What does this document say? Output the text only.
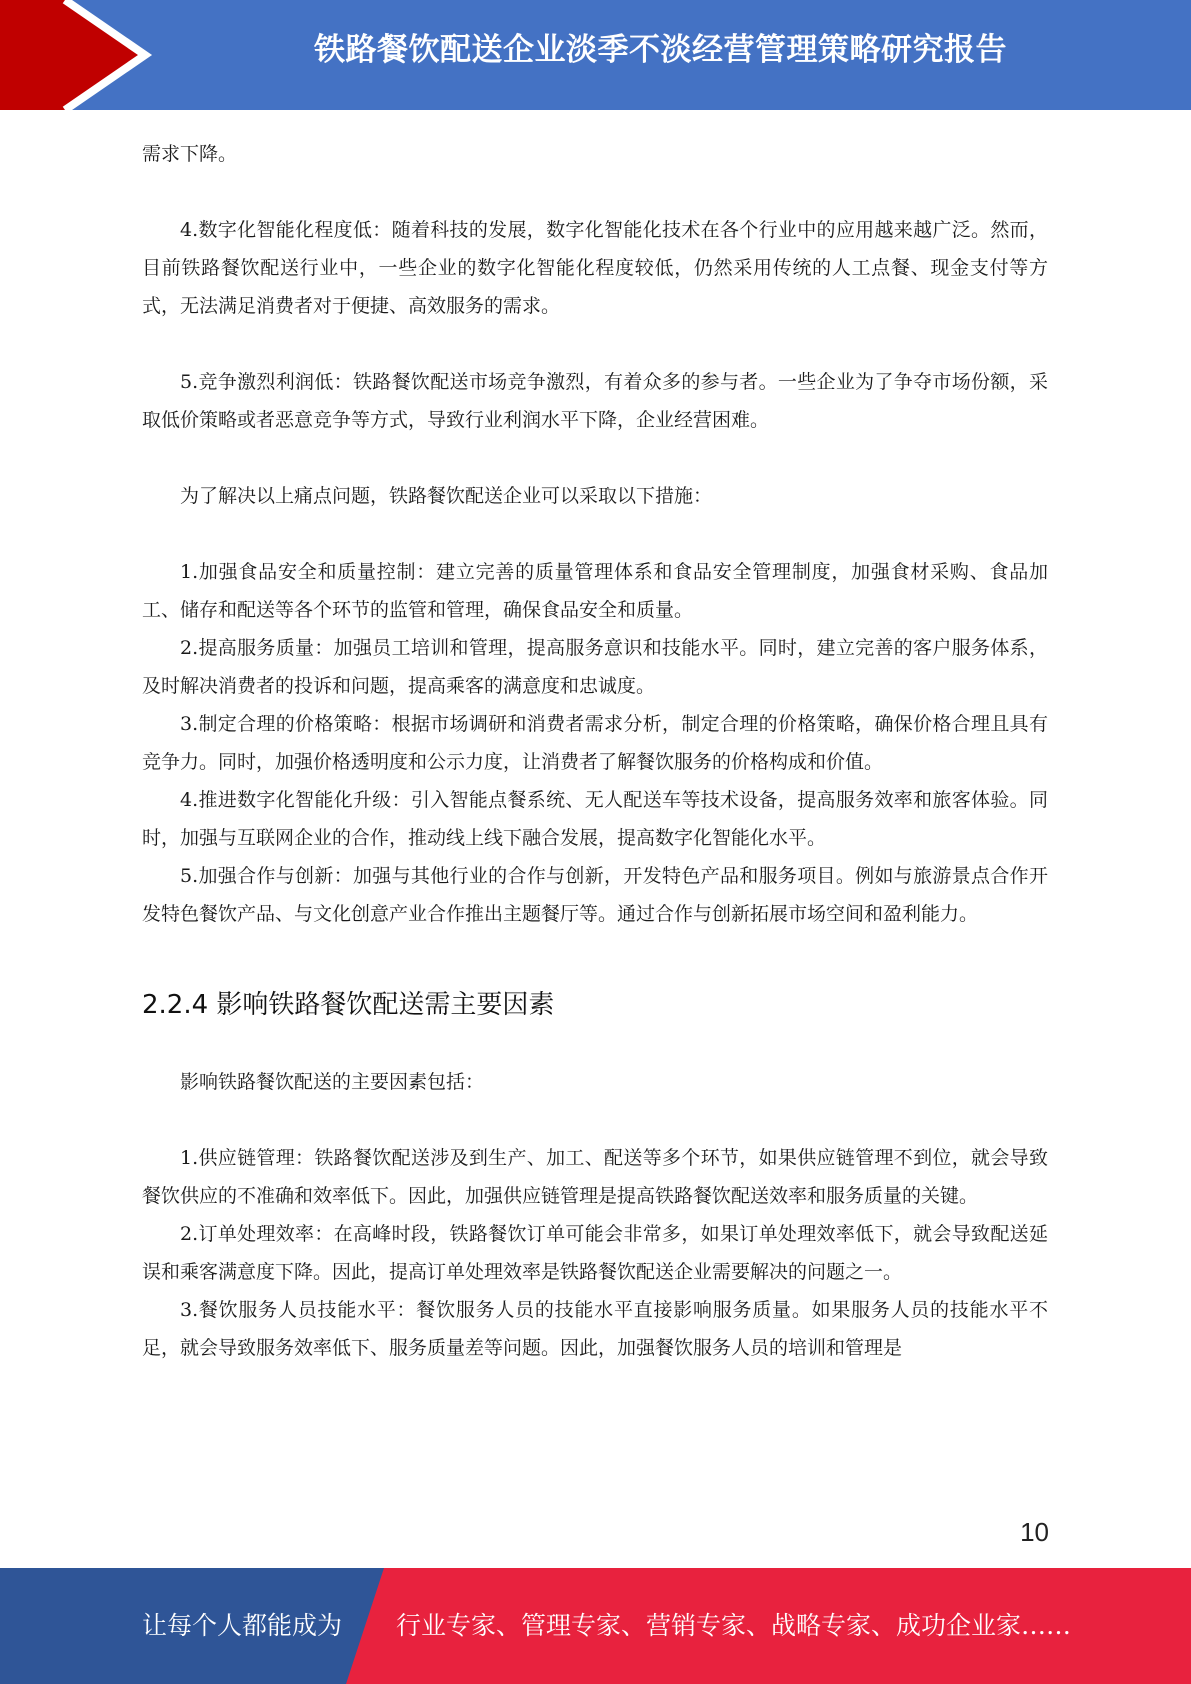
铁路餐饮配送企业淡季不淡经营管理策略研究报告

需求下降。

4.数字化智能化程度低：随着科技的发展，数字化智能化技术在各个行业中的应用越来越广泛。然而，目前铁路餐饮配送行业中，一些企业的数字化智能化程度较低，仍然采用传统的人工点餐、现金支付等方式，无法满足消费者对于便捷、高效服务的需求。

5.竞争激烈利润低：铁路餐饮配送市场竞争激烈，有着众多的参与者。一些企业为了争夺市场份额，采取低价策略或者恶意竞争等方式，导致行业利润水平下降，企业经营困难。

为了解决以上痛点问题，铁路餐饮配送企业可以采取以下措施：

1.加强食品安全和质量控制：建立完善的质量管理体系和食品安全管理制度，加强食材采购、食品加工、储存和配送等各个环节的监管和管理，确保食品安全和质量。

2.提高服务质量：加强员工培训和管理，提高服务意识和技能水平。同时，建立完善的客户服务体系，及时解决消费者的投诉和问题，提高乘客的满意度和忠诚度。

3.制定合理的价格策略：根据市场调研和消费者需求分析，制定合理的价格策略，确保价格合理且具有竞争力。同时，加强价格透明度和公示力度，让消费者了解餐饮服务的价格构成和价值。

4.推进数字化智能化升级：引入智能点餐系统、无人配送车等技术设备，提高服务效率和旅客体验。同时，加强与互联网企业的合作，推动线上线下融合发展，提高数字化智能化水平。

5.加强合作与创新：加强与其他行业的合作与创新，开发特色产品和服务项目。例如与旅游景点合作开发特色餐饮产品、与文化创意产业合作推出主题餐厅等。通过合作与创新拓展市场空间和盈利能力。

2.2.4 影响铁路餐饮配送需主要因素

影响铁路餐饮配送的主要因素包括：

1.供应链管理：铁路餐饮配送涉及到生产、加工、配送等多个环节，如果供应链管理不到位，就会导致餐饮供应的不准确和效率低下。因此，加强供应链管理是提高铁路餐饮配送效率和服务质量的关键。

2.订单处理效率：在高峰时段，铁路餐饮订单可能会非常多，如果订单处理效率低下，就会导致配送延误和乘客满意度下降。因此，提高订单处理效率是铁路餐饮配送企业需要解决的问题之一。

3.餐饮服务人员技能水平：餐饮服务人员的技能水平直接影响服务质量。如果服务人员的技能水平不足，就会导致服务效率低下、服务质量差等问题。因此，加强餐饮服务人员的培训和管理是

10
让每个人都能成为 行业专家、管理专家、营销专家、战略专家、成功企业家……
